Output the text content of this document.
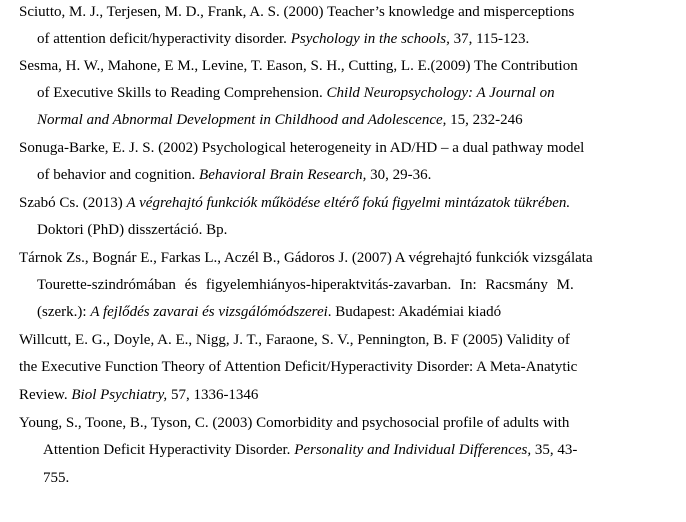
Sciutto, M. J., Terjesen, M. D., Frank, A. S. (2000) Teacher’s knowledge and misperceptions
of attention deficit/hyperactivity disorder. Psychology in the schools, 37, 115-123.
Sesma, H. W., Mahone, E M., Levine, T. Eason, S. H., Cutting, L. E.(2009) The Contribution
of Executive Skills to Reading Comprehension. Child Neuropsychology: A Journal on
Normal and Abnormal Development in Childhood and Adolescence, 15, 232-246
Sonuga-Barke, E. J. S. (2002) Psychological heterogeneity in AD/HD – a dual pathway model
of behavior and cognition. Behavioral Brain Research, 30, 29-36.
Szabó Cs. (2013) A végrehajtó funkciók működése eltérő fokú figyelmi mintázatok tükrében.
Doktori (PhD) disszertáció. Bp.
Tárnok Zs., Bognár E., Farkas L., Aczél B., Gádoros J. (2007) A végrehajtó funkciók vizsgálata
Tourette-szindrómában és figyelemhiányos-hiperaktvitás-zavarban. In: Racsmány M.
(szerk.): A fejlődés zavarai és vizsgálómódszerei. Budapest: Akadémiai kiadó
Willcutt, E. G., Doyle, A. E., Nigg, J. T., Faraone, S. V., Pennington, B. F (2005) Validity of
the Executive Function Theory of Attention Deficit/Hyperactivity Disorder: A Meta-Anatytic
Review. Biol Psychiatry, 57, 1336-1346
Young, S., Toone, B., Tyson, C. (2003) Comorbidity and psychosocial profile of adults with
Attention Deficit Hyperactivity Disorder. Personality and Individual Differences, 35, 43-
755.
